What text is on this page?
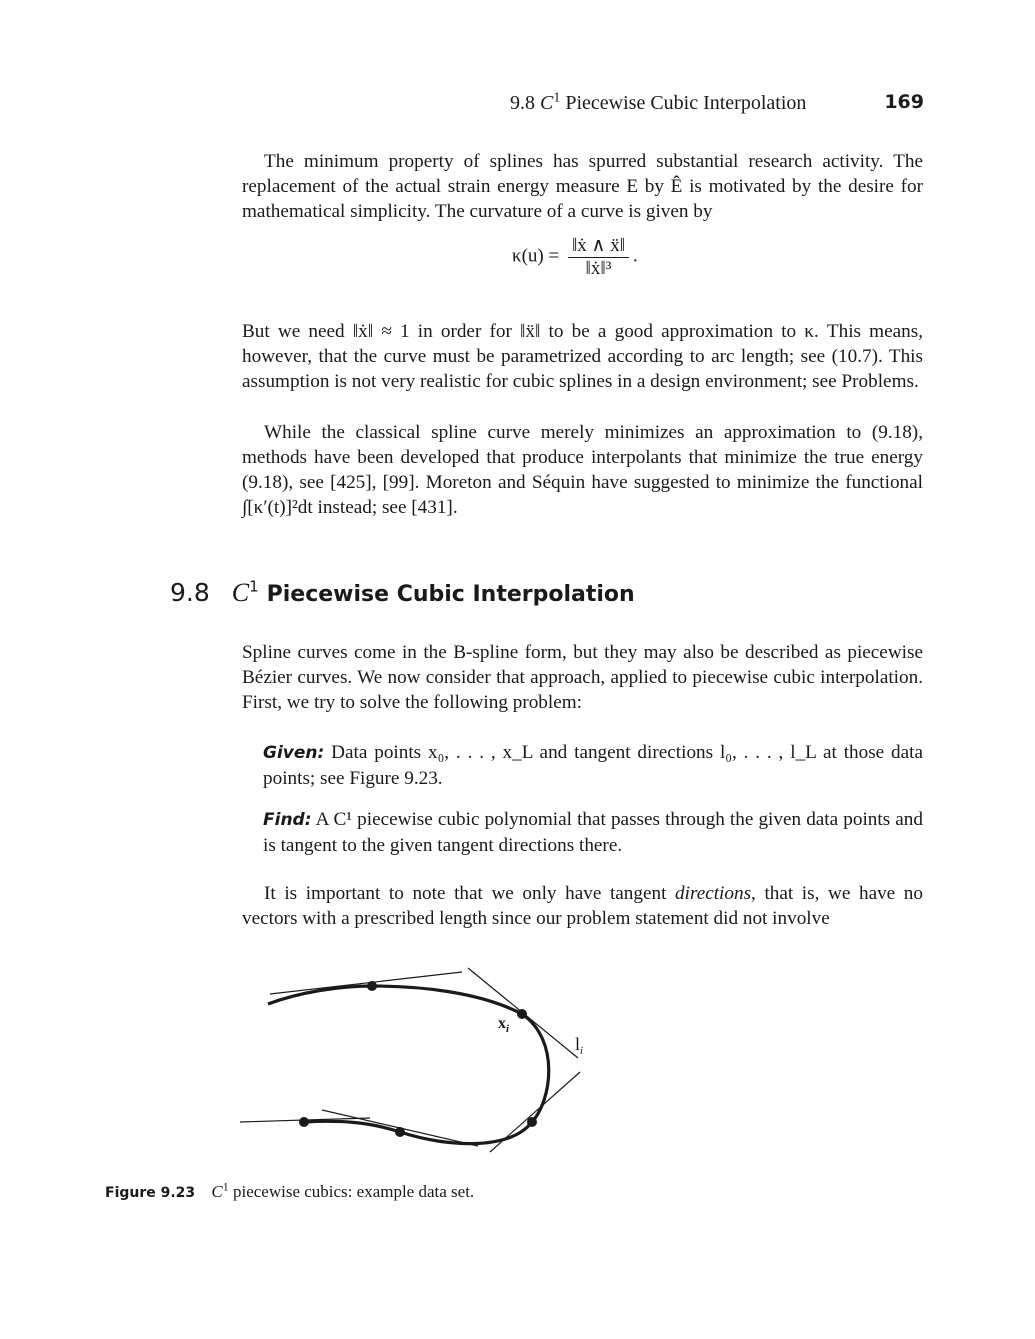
9.8 $C^1$ Piecewise Cubic Interpolation	169

The minimum property of splines has spurred substantial research activity. The replacement of the actual strain energy measure E by Ê is motivated by the desire for mathematical simplicity. The curvature of a curve is given by

$\kappa(u) = \frac{\text{‖ẋ ∧ ẍ‖}}{\text{‖ẋ‖³}}$ .

But we need ‖ẋ‖ ≈ 1 in order for ‖ẍ‖ to be a good approximation to κ. This means, however, that the curve must be parametrized according to arc length; see (10.7). This assumption is not very realistic for cubic splines in a design environment; see Problems.

While the classical spline curve merely minimizes an approximation to (9.18), methods have been developed that produce interpolants that minimize the true energy (9.18), see [425], [99]. Moreton and Séquin have suggested to minimize the functional ∫[κ′(t)]²dt instead; see [431].

9.8 $C^1$ Piecewise Cubic Interpolation

Spline curves come in the B-spline form, but they may also be described as piecewise Bézier curves. We now consider that approach, applied to piecewise cubic interpolation. First, we try to solve the following problem:

Given: Data points x₀, . . . , x_L and tangent directions l₀, . . . , l_L at those data points; see Figure 9.23.

Find: A C¹ piecewise cubic polynomial that passes through the given data points and is tangent to the given tangent directions there.

It is important to note that we only have tangent directions, that is, we have no vectors with a prescribed length since our problem statement did not involve

$x_i$
$l_i$
Figure 9.23 $C^1$ piecewise cubics: example data set.
